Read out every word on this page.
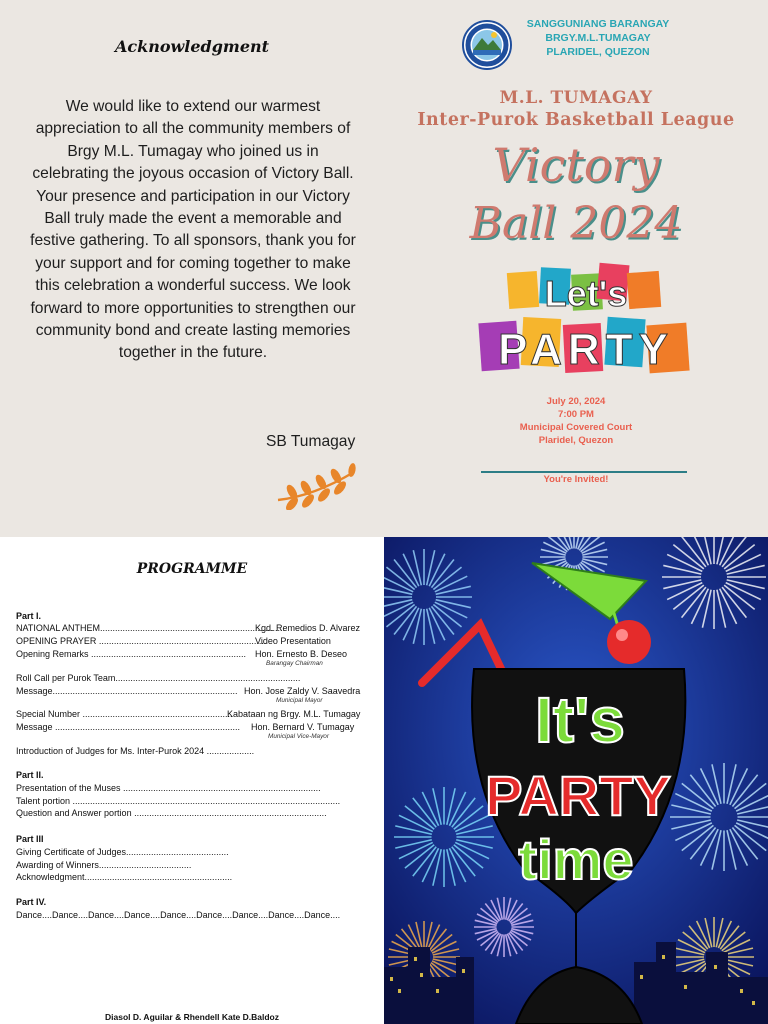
Acknowledgment
We would like to extend our warmest appreciation to all the community members of Brgy M.L. Tumagay who joined us in celebrating the joyous occasion of Victory Ball. Your presence and participation in our Victory Ball truly made the event a memorable and festive gathering. To all sponsors, thank you for your support and for coming together to make this celebration a wonderful success. We look forward to more opportunities to strengthen our community bond and create lasting memories together in the future.
SB Tumagay
SANGGUNIANG BARANGAY
BRGY.M.L.TUMAGAY
PLARIDEL, QUEZON
M.L. TUMAGAY
Inter-Purok Basketball League
Victory
Ball 2024
Let's
PARTY
July 20, 2024
7:00 PM
Municipal Covered Court
Plaridel, Quezon
You're Invited!
PROGRAMME
Part I.
NATIONAL ANTHEM..........................................................................
Kgd. Remedios D. Alvarez
OPENING PRAYER ...................................................................
Video Presentation
Opening Remarks .............................................................. Hon. Ernesto B. Deseo
Barangay Chairman
Roll Call per Purok Team..........................................................................
Message.......................................................................... Hon. Jose Zaldy V. Saavedra
Municipal Mayor
Special Number ............................................................
Kabataan ng Brgy. M.L. Tumagay
Message .......................................................................... Hon. Bernard V. Tumagay
Municipal Vice-Mayor
Introduction of Judges for Ms. Inter-Purok 2024 ...................
Part II.
Presentation of the Muses ...............................................................................
Talent portion ...........................................................................................................
Question and Answer portion .............................................................................
Part III
Giving Certificate of Judges.........................................
Awarding of Winners.....................................
Acknowledgment...........................................................
Part IV.
Dance....Dance....Dance....Dance....Dance....Dance....Dance....Dance....Dance....
Diasol D. Aguilar & Rhendell Kate D.Baldoz
It's
PARTY
time
